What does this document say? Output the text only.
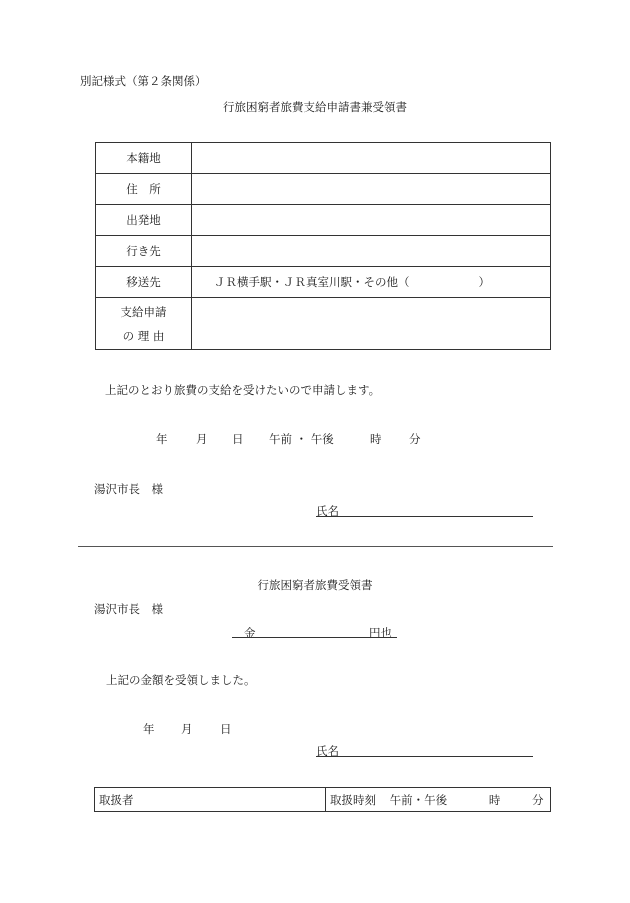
別記様式（第２条関係）
行旅困窮者旅費支給申請書兼受領書
本籍地	
住　所	
出発地	
行き先	
移送先	ＪＲ横手駅・ＪＲ真室川駅・その他（　　　　　　）

支給申請
の 理 由	

上記のとおり旅費の支給を受けたいので申請します。
年 月 日 午前 ・ 午後	時 分
湯沢市長　様
氏名
行旅困窮者旅費受領書
湯沢市長　様
金	円也
上記の金額を受領しました。
年 月 日
氏名
取扱者	取扱時刻 午前・午後	時	分
